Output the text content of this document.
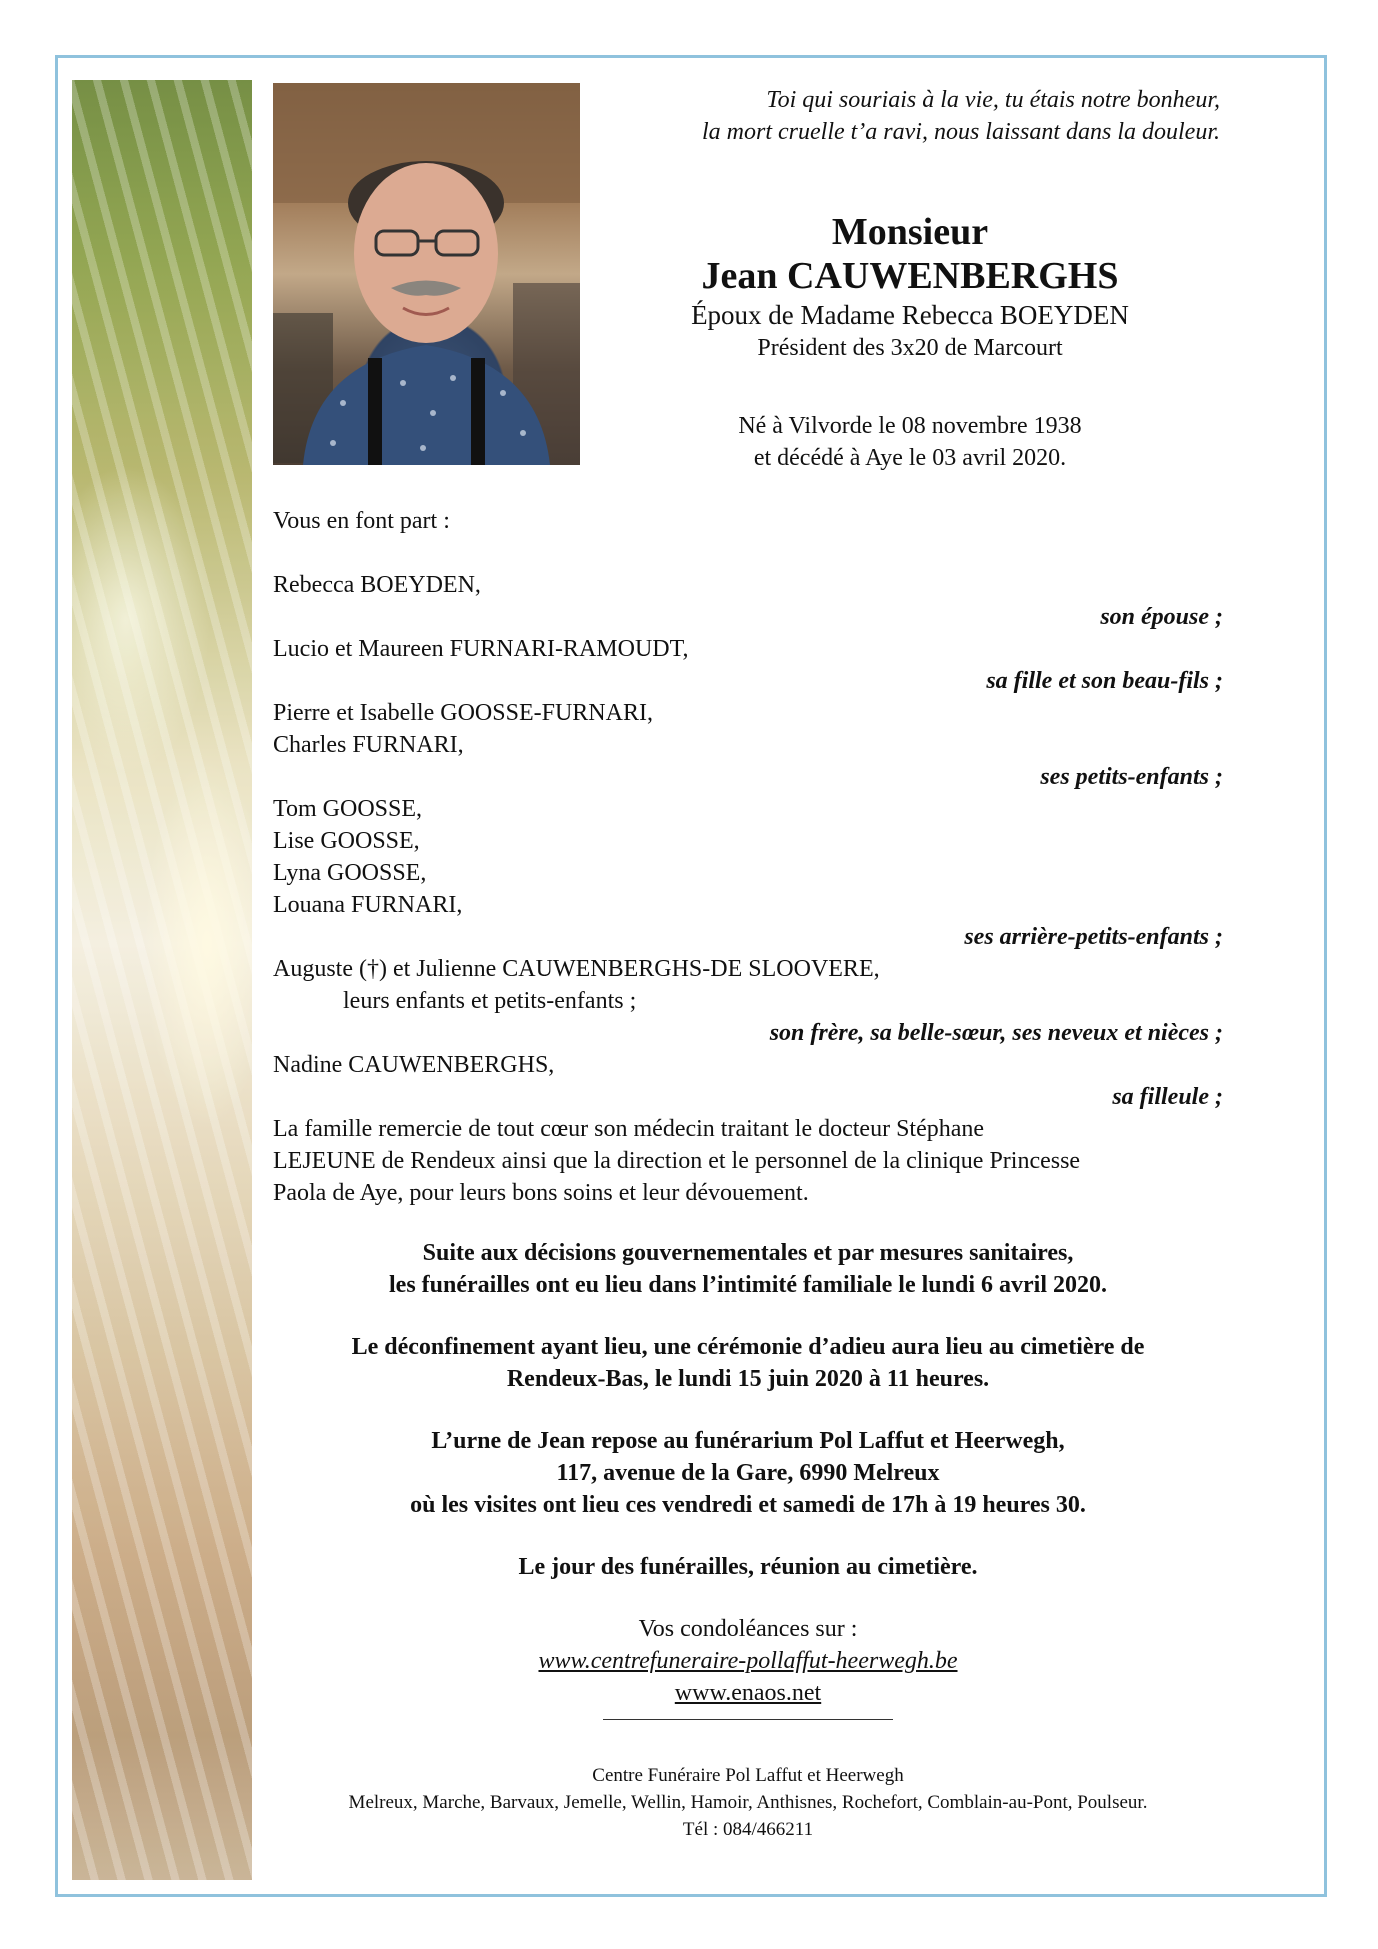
Toi qui souriais à la vie, tu étais notre bonheur,
la mort cruelle t’a ravi, nous laissant dans la douleur.
Monsieur
Jean CAUWENBERGHS
Époux de Madame Rebecca BOEYDEN
Président des 3x20 de Marcourt
Né à Vilvorde le 08 novembre 1938
et décédé à Aye le 03 avril 2020.
Vous en font part :
Rebecca BOEYDEN,
son épouse ;
Lucio et Maureen FURNARI-RAMOUDT,
sa fille et son beau-fils ;
Pierre et Isabelle GOOSSE-FURNARI,
Charles FURNARI,
ses petits-enfants ;
Tom GOOSSE,
Lise GOOSSE,
Lyna GOOSSE,
Louana FURNARI,
ses arrière-petits-enfants ;
Auguste (†) et Julienne CAUWENBERGHS-DE SLOOVERE,
leurs enfants et petits-enfants ;
son frère, sa belle-sœur, ses neveux et nièces ;
Nadine CAUWENBERGHS,
sa filleule ;
La famille remercie de tout cœur son médecin traitant le docteur Stéphane
LEJEUNE de Rendeux ainsi que la direction et le personnel de la clinique Princesse
Paola de Aye, pour leurs bons soins et leur dévouement.
Suite aux décisions gouvernementales et par mesures sanitaires,
les funérailles ont eu lieu dans l’intimité familiale le lundi 6 avril 2020.
Le déconfinement ayant lieu, une cérémonie d’adieu aura lieu au cimetière de
Rendeux-Bas, le lundi 15 juin 2020 à 11 heures.
L’urne de Jean repose au funérarium Pol Laffut et Heerwegh,
117, avenue de la Gare, 6990 Melreux
où les visites ont lieu ces vendredi et samedi de 17h à 19 heures 30.
Le jour des funérailles, réunion au cimetière.
Vos condoléances sur :
www.centrefuneraire-pollaffut-heerwegh.be
www.enaos.net
Centre Funéraire Pol Laffut et Heerwegh
Melreux, Marche, Barvaux, Jemelle, Wellin, Hamoir, Anthisnes, Rochefort, Comblain-au-Pont, Poulseur.
Tél : 084/466211
